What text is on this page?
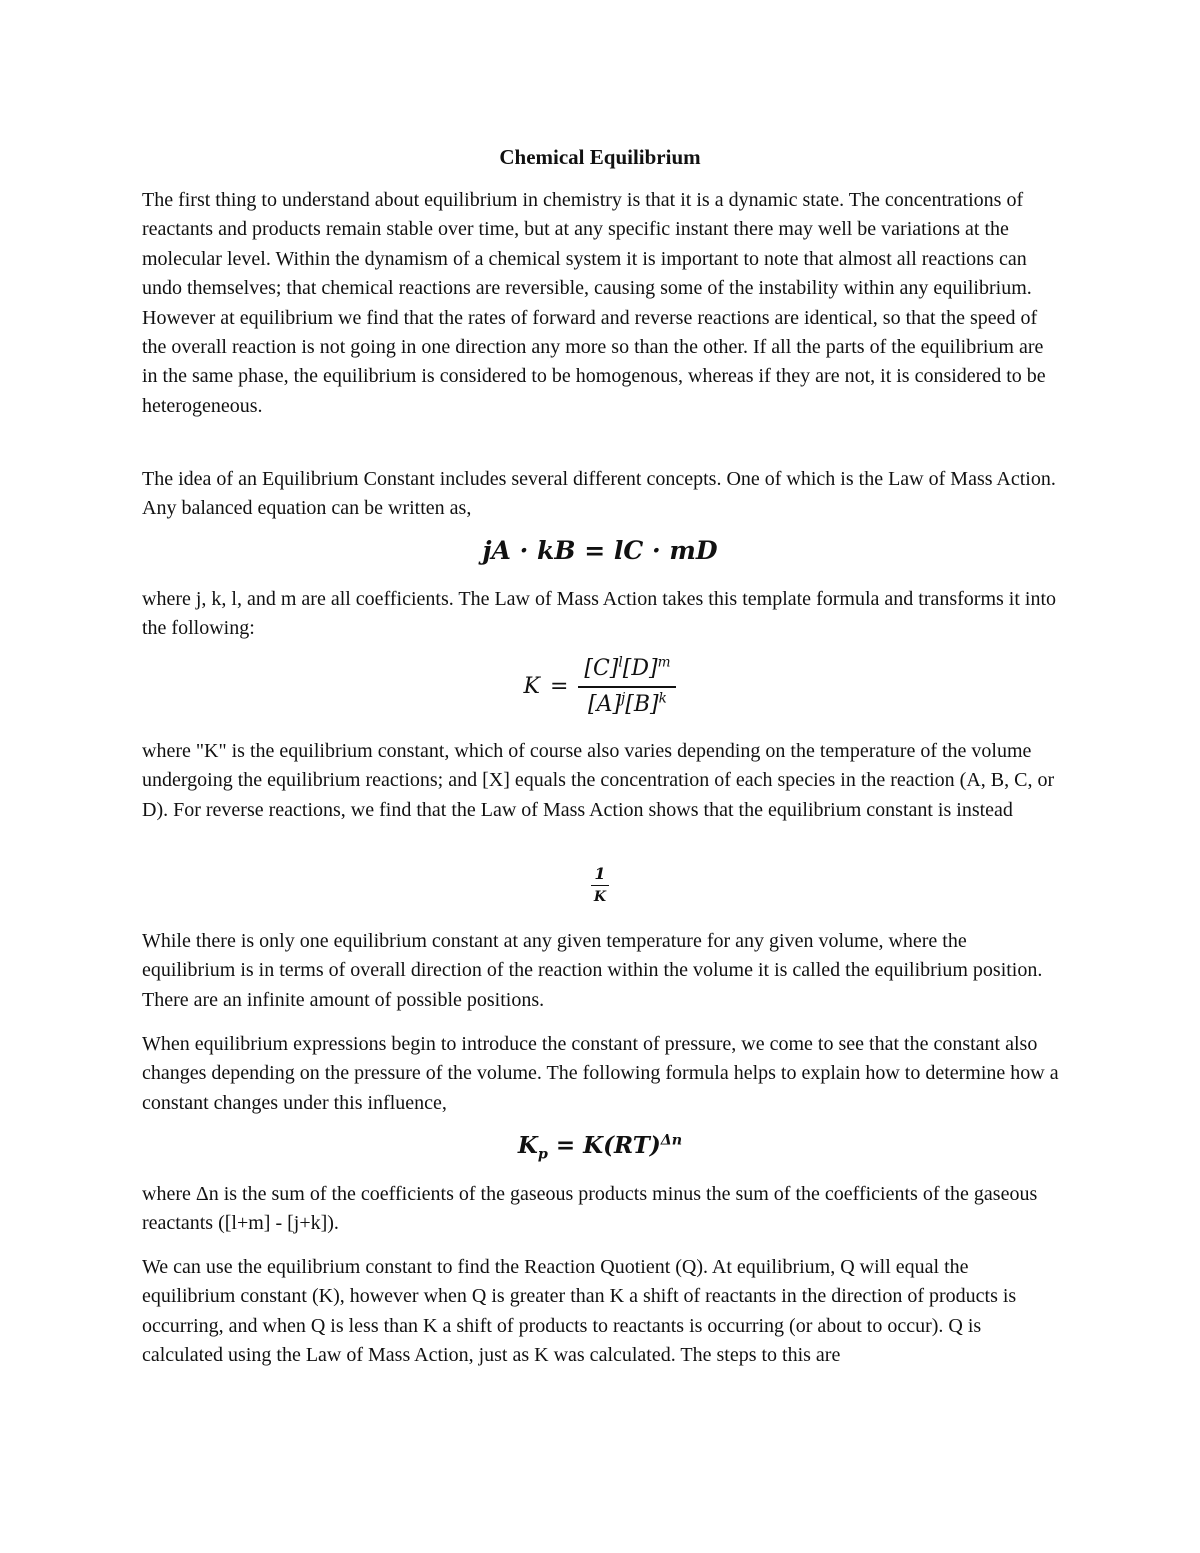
Chemical Equilibrium

The first thing to understand about equilibrium in chemistry is that it is a dynamic state. The concentrations of reactants and products remain stable over time, but at any specific instant there may well be variations at the molecular level. Within the dynamism of a chemical system it is important to note that almost all reactions can undo themselves; that chemical reactions are reversible, causing some of the instability within any equilibrium. However at equilibrium we find that the rates of forward and reverse reactions are identical, so that the speed of the overall reaction is not going in one direction any more so than the other. If all the parts of the equilibrium are in the same phase, the equilibrium is considered to be homogenous, whereas if they are not, it is considered to be heterogeneous.

The idea of an Equilibrium Constant includes several different concepts. One of which is the Law of Mass Action. Any balanced equation can be written as,

jA · kB = lC · mD

where j, k, l, and m are all coefficients. The Law of Mass Action takes this template formula and transforms it into the following:

$K = \frac{[C]^l[D]^m}{[A]^j[B]^k}$

where "K" is the equilibrium constant, which of course also varies depending on the temperature of the volume undergoing the equilibrium reactions; and [X] equals the concentration of each species in the reaction (A, B, C, or D). For reverse reactions, we find that the Law of Mass Action shows that the equilibrium constant is instead

$\frac{1}{K}$

While there is only one equilibrium constant at any given temperature for any given volume, where the equilibrium is in terms of overall direction of the reaction within the volume it is called the equilibrium position. There are an infinite amount of possible positions.

When equilibrium expressions begin to introduce the constant of pressure, we come to see that the constant also changes depending on the pressure of the volume. The following formula helps to explain how to determine how a constant changes under this influence,

$K_p = K(RT)^{\Delta n}$

where Δn is the sum of the coefficients of the gaseous products minus the sum of the coefficients of the gaseous reactants ([l+m] - [j+k]).

We can use the equilibrium constant to find the Reaction Quotient (Q). At equilibrium, Q will equal the equilibrium constant (K), however when Q is greater than K a shift of reactants in the direction of products is occurring, and when Q is less than K a shift of products to reactants is occurring (or about to occur). Q is calculated using the Law of Mass Action, just as K was calculated. The steps to this are
